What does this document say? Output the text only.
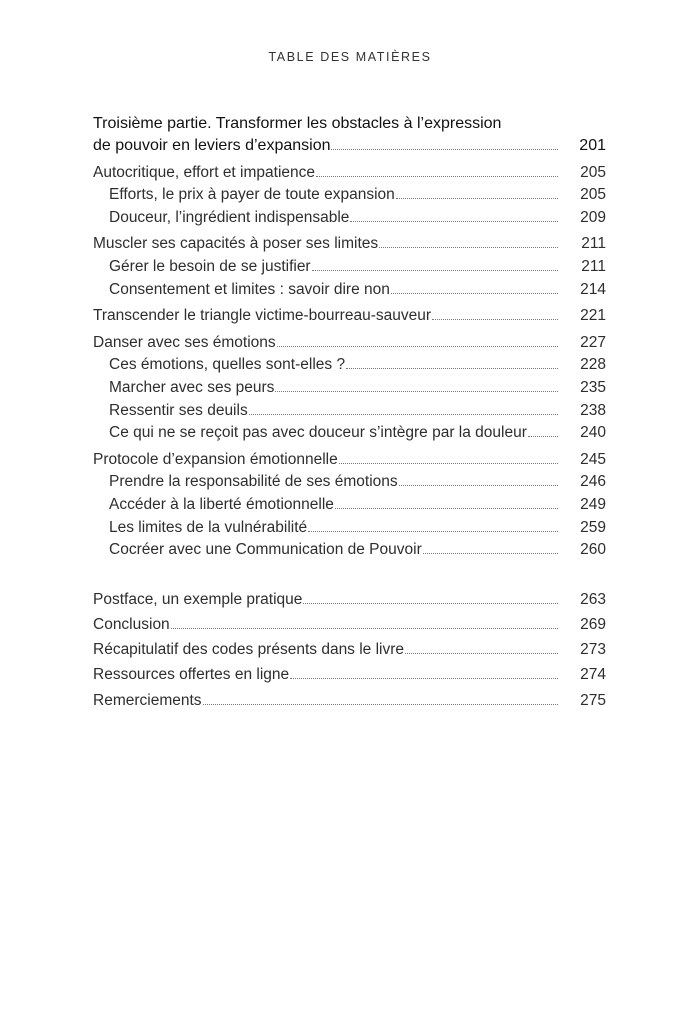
TABLE DES MATIÈRES
Troisième partie. Transformer les obstacles à l’expression
de pouvoir en leviers d’expansion	201
Autocritique, effort et impatience	205
Efforts, le prix à payer de toute expansion	205
Douceur, l’ingrédient indispensable	209
Muscler ses capacités à poser ses limites	211
Gérer le besoin de se justifier	211
Consentement et limites : savoir dire non	214
Transcender le triangle victime-bourreau-sauveur	221
Danser avec ses émotions	227
Ces émotions, quelles sont-elles ?	228
Marcher avec ses peurs	235
Ressentir ses deuils	238
Ce qui ne se reçoit pas avec douceur s’intègre par la douleur	240
Protocole d’expansion émotionnelle	245
Prendre la responsabilité de ses émotions	246
Accéder à la liberté émotionnelle	249
Les limites de la vulnérabilité	259
Cocréer avec une Communication de Pouvoir	260
Postface, un exemple pratique	263
Conclusion	269
Récapitulatif des codes présents dans le livre	273
Ressources offertes en ligne	274
Remerciements	275
